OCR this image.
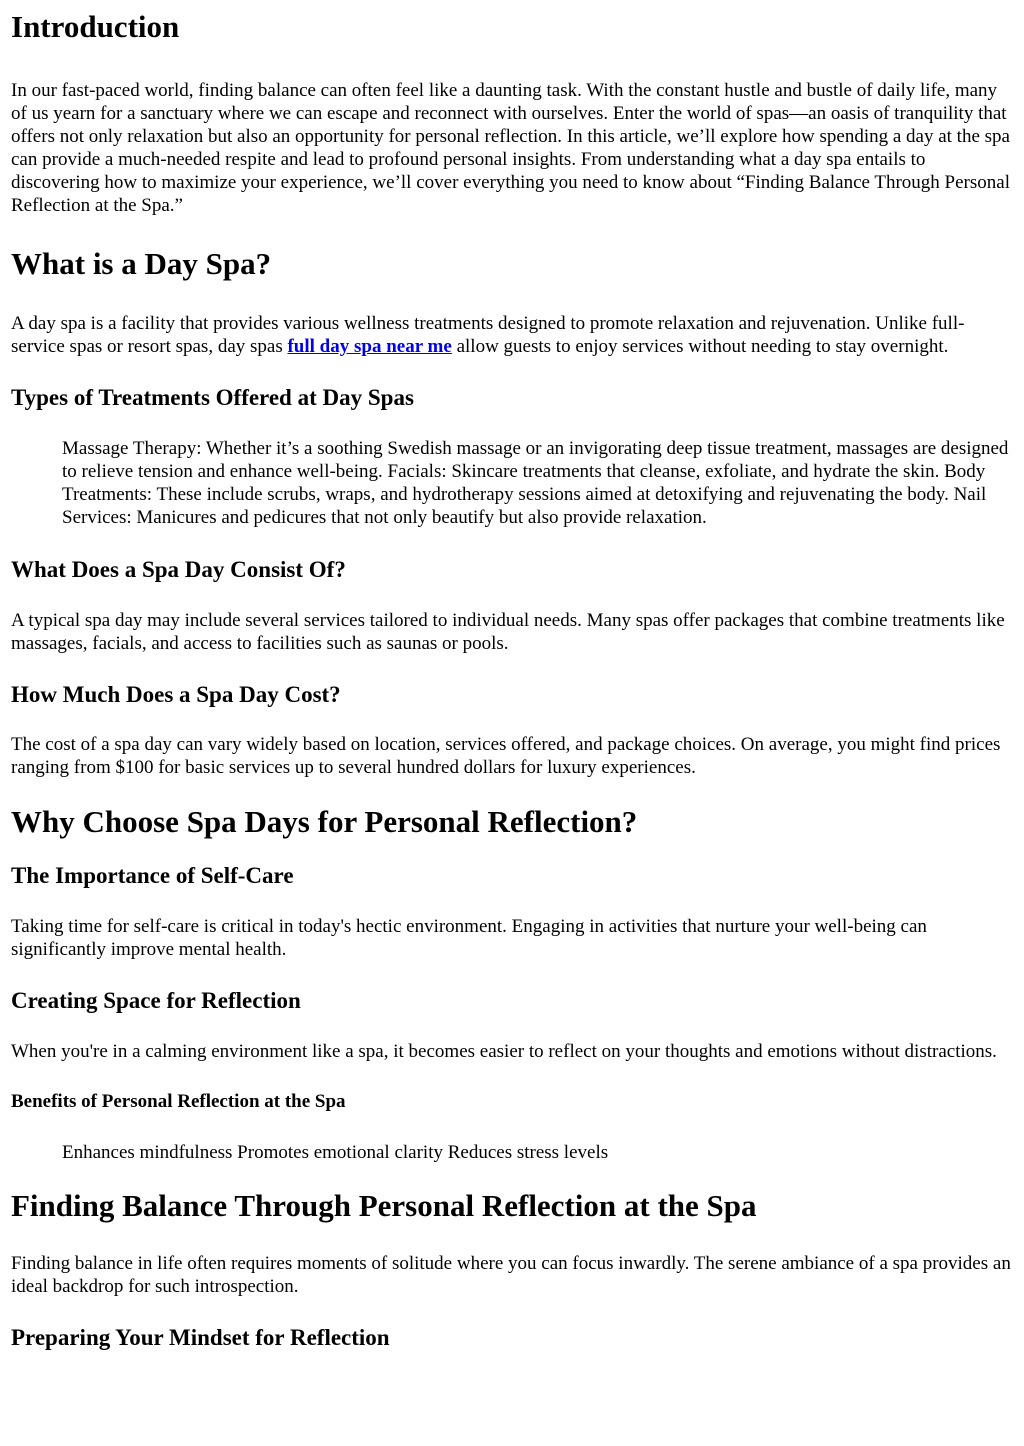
Introduction

In our fast-paced world, finding balance can often feel like a daunting task. With the constant hustle and bustle of daily life, many of us yearn for a sanctuary where we can escape and reconnect with ourselves. Enter the world of spas—an oasis of tranquility that offers not only relaxation but also an opportunity for personal reflection. In this article, we’ll explore how spending a day at the spa can provide a much-needed respite and lead to profound personal insights. From understanding what a day spa entails to discovering how to maximize your experience, we’ll cover everything you need to know about “Finding Balance Through Personal Reflection at the Spa.”

What is a Day Spa?

A day spa is a facility that provides various wellness treatments designed to promote relaxation and rejuvenation. Unlike full-service spas or resort spas, day spas full day spa near me allow guests to enjoy services without needing to stay overnight.

Types of Treatments Offered at Day Spas
Massage Therapy: Whether it’s a soothing Swedish massage or an invigorating deep tissue treatment, massages are designed to relieve tension and enhance well-being. Facials: Skincare treatments that cleanse, exfoliate, and hydrate the skin. Body Treatments: These include scrubs, wraps, and hydrotherapy sessions aimed at detoxifying and rejuvenating the body. Nail Services: Manicures and pedicures that not only beautify but also provide relaxation.
What Does a Spa Day Consist Of?

A typical spa day may include several services tailored to individual needs. Many spas offer packages that combine treatments like massages, facials, and access to facilities such as saunas or pools.

How Much Does a Spa Day Cost?

The cost of a spa day can vary widely based on location, services offered, and package choices. On average, you might find prices ranging from $100 for basic services up to several hundred dollars for luxury experiences.

Why Choose Spa Days for Personal Reflection?
The Importance of Self-Care

Taking time for self-care is critical in today's hectic environment. Engaging in activities that nurture your well-being can significantly improve mental health.

Creating Space for Reflection

When you're in a calming environment like a spa, it becomes easier to reflect on your thoughts and emotions without distractions.

Benefits of Personal Reflection at the Spa
Enhances mindfulness Promotes emotional clarity Reduces stress levels
Finding Balance Through Personal Reflection at the Spa

Finding balance in life often requires moments of solitude where you can focus inwardly. The serene ambiance of a spa provides an ideal backdrop for such introspection.

Preparing Your Mindset for Reflection
